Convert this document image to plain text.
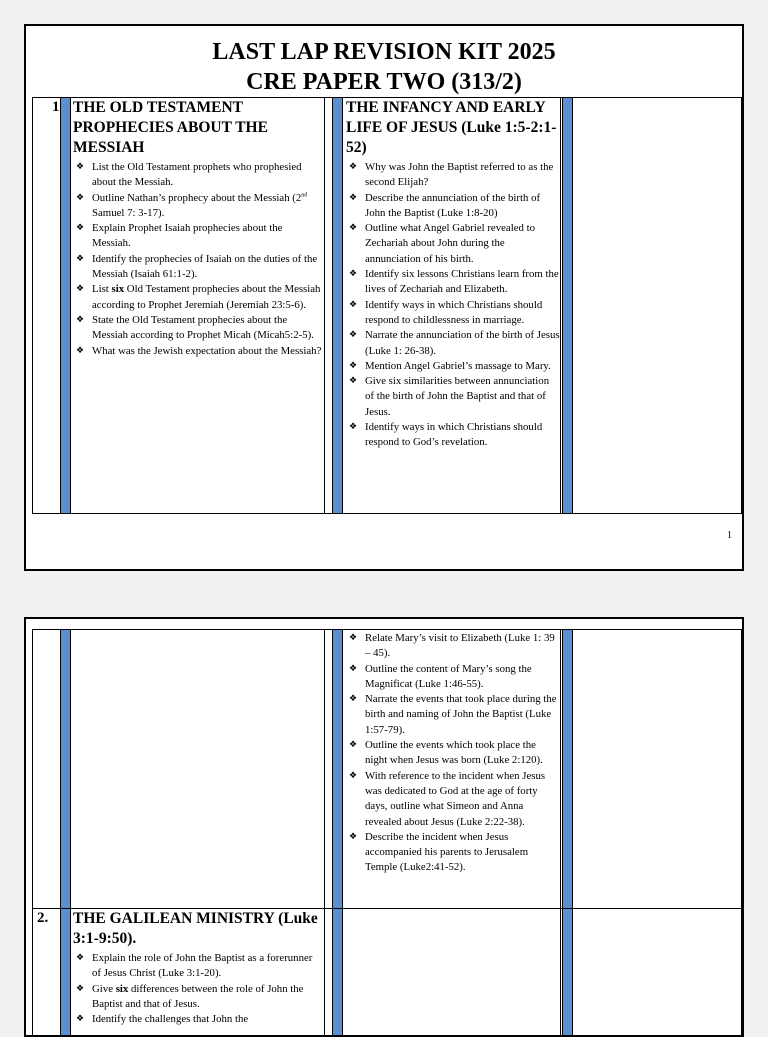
LAST LAP REVISION KIT 2025
CRE PAPER TWO (313/2)
1 THE OLD TESTAMENT PROPHECIES ABOUT THE MESSIAH
❖ List the Old Testament prophets who prophesied about the Messiah.
❖ Outline Nathan’s prophecy about the Messiah (2nd Samuel 7: 3-17).
❖ Explain Prophet Isaiah prophecies about the Messiah.
❖ Identify the prophecies of Isaiah on the duties of the Messiah (Isaiah 61:1-2).
❖ List six Old Testament prophecies about the Messiah according to Prophet Jeremiah (Jeremiah 23:5-6).
❖ State the Old Testament prophecies about the Messiah according to Prophet Micah (Micah5:2-5).
❖ What was the Jewish expectation about the Messiah?
THE INFANCY AND EARLY LIFE OF JESUS (Luke 1:5-2:1-52)
❖ Why was John the Baptist referred to as the second Elijah?
❖ Describe the annunciation of the birth of John the Baptist (Luke 1:8-20)
❖ Outline what Angel Gabriel revealed to Zechariah about John during the annunciation of his birth.
❖ Identify six lessons Christians learn from the lives of Zechariah and Elizabeth.
❖ Identify ways in which Christians should respond to childlessness in marriage.
❖ Narrate the annunciation of the birth of Jesus (Luke 1: 26-38).
❖ Mention Angel Gabriel’s massage to Mary.
❖ Give six similarities between annunciation of the birth of John the Baptist and that of Jesus.
❖ Identify ways in which Christians should respond to God’s revelation.
1
❖ Relate Mary’s visit to Elizabeth (Luke 1: 39 – 45).
❖ Outline the content of Mary’s song the Magnificat (Luke 1:46-55).
❖ Narrate the events that took place during the birth and naming of John the Baptist (Luke 1:57-79).
❖ Outline the events which took place the night when Jesus was born (Luke 2:120).
❖ With reference to the incident when Jesus was dedicated to God at the age of forty days, outline what Simeon and Anna revealed about Jesus (Luke 2:22-38).
❖ Describe the incident when Jesus accompanied his parents to Jerusalem Temple (Luke2:41-52).
2. THE GALILEAN MINISTRY (Luke 3:1-9:50).
❖ Explain the role of John the Baptist as a forerunner of Jesus Christ (Luke 3:1-20).
❖ Give six differences between the role of John the Baptist and that of Jesus.
❖ Identify the challenges that John the
